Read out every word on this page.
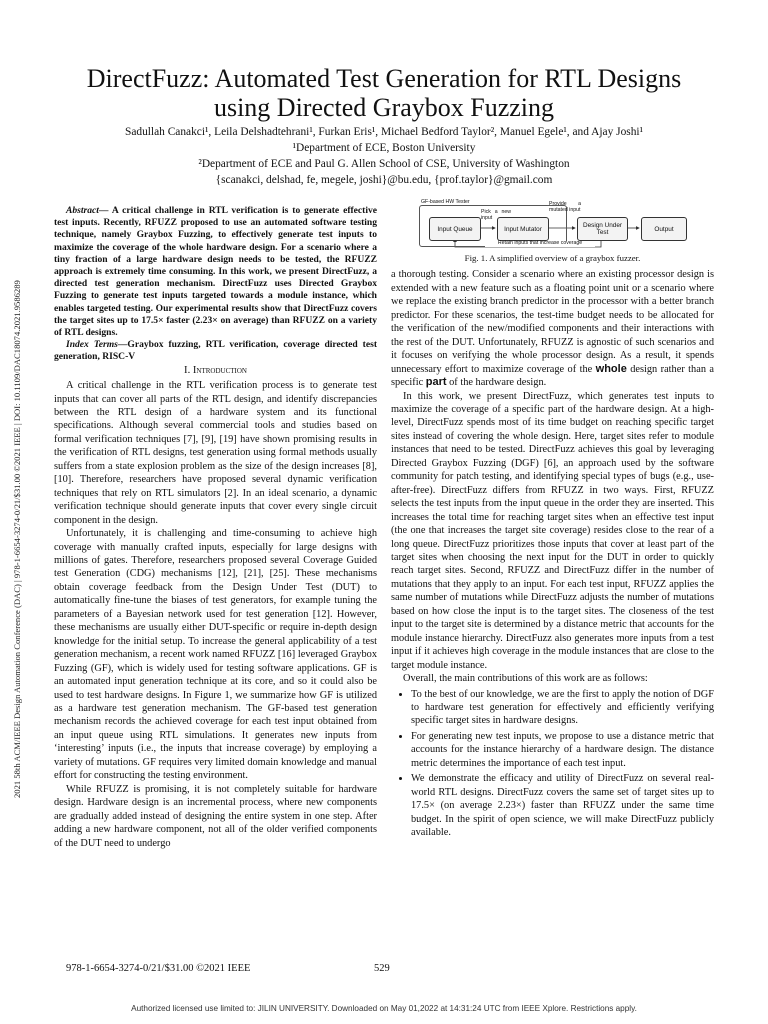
2021 58th ACM/IEEE Design Automation Conference (DAC) | 978-1-6654-3274-0/21/$31.00 ©2021 IEEE | DOI: 10.1109/DAC18074.2021.9586289
DirectFuzz: Automated Test Generation for RTL Designs using Directed Graybox Fuzzing
Sadullah Canakci¹, Leila Delshadtehrani¹, Furkan Eris¹, Michael Bedford Taylor², Manuel Egele¹, and Ajay Joshi¹
¹Department of ECE, Boston University
²Department of ECE and Paul G. Allen School of CSE, University of Washington
{scanakci, delshad, fe, megele, joshi}@bu.edu, {prof.taylor}@gmail.com

Abstract— A critical challenge in RTL verification is to generate effective test inputs. Recently, RFUZZ proposed to use an automated software testing technique, namely Graybox Fuzzing, to effectively generate test inputs to maximize the coverage of the whole hardware design. For a scenario where a tiny fraction of a large hardware design needs to be tested, the RFUZZ approach is extremely time consuming. In this work, we present DirectFuzz, a directed test generation mechanism. DirectFuzz uses Directed Graybox Fuzzing to generate test inputs targeted towards a module instance, which enables targeted testing. Our experimental results show that DirectFuzz covers the target sites up to 17.5× faster (2.23× on average) than RFUZZ on a variety of RTL designs.

Index Terms—Graybox fuzzing, RTL verification, coverage directed test generation, RISC-V

I. Introduction

A critical challenge in the RTL verification process is to generate test inputs that can cover all parts of the RTL design, and identify discrepancies between the RTL design of a hardware system and its functional specifications. Although several commercial tools and studies based on formal verification techniques [7], [9], [19] have shown promising results in the verification of RTL designs, test generation using formal methods usually suffers from a state explosion problem as the size of the design increases [8], [10]. Therefore, researchers have proposed several dynamic verification techniques that rely on RTL simulators [2]. In an ideal scenario, a dynamic verification technique should generate inputs that cover every single circuit component in the design.

Unfortunately, it is challenging and time-consuming to achieve high coverage with manually crafted inputs, especially for large designs with millions of gates. Therefore, researchers proposed several Coverage Guided test Generation (CDG) mechanisms [12], [21], [25]. These mechanisms obtain coverage feedback from the Design Under Test (DUT) to automatically fine-tune the biases of test generators, for example tuning the parameters of a Bayesian network used for test generation [12]. However, these mechanisms are usually either DUT-specific or require in-depth design knowledge for the initial setup. To increase the general applicability of a test generation mechanism, a recent work named RFUZZ [16] leveraged Graybox Fuzzing (GF), which is widely used for testing software applications. GF is an automated input generation technique at its core, and so it could also be used to test hardware designs. In Figure 1, we summarize how GF is utilized as a hardware test generation mechanism. The GF-based test generation mechanism records the achieved coverage for each test input obtained from an input queue using RTL simulations. It generates new inputs from ‘interesting’ inputs (i.e., the inputs that increase coverage) by employing a variety of mutations. GF requires very limited domain knowledge and manual effort for constructing the testing environment.

While RFUZZ is promising, it is not completely suitable for hardware design. Hardware design is an incremental process, where new components are gradually added instead of designing the entire system in one step. After adding a new hardware component, not all of the older verified components of the DUT need to undergo

GF-based HW Tester
Input Queue
Pick a new input
Input Mutator
Provide a mutated input
Design Under Test	Output
Retain inputs that increase coverage
Fig. 1. A simplified overview of a graybox fuzzer.

a thorough testing. Consider a scenario where an existing processor design is extended with a new feature such as a floating point unit or a scenario where we replace the existing branch predictor in the processor with a better branch predictor. For these scenarios, the test-time budget needs to be allocated for the verification of the new/modified components and their interactions with the rest of the DUT. Unfortunately, RFUZZ is agnostic of such scenarios and it focuses on verifying the whole processor design. As a result, it spends unnecessary effort to maximize coverage of the whole design rather than a specific part of the hardware design.

In this work, we present DirectFuzz, which generates test inputs to maximize the coverage of a specific part of the hardware design. At a high-level, DirectFuzz spends most of its time budget on reaching specific target sites instead of covering the whole design. Here, target sites refer to module instances that need to be tested. DirectFuzz achieves this goal by leveraging Directed Graybox Fuzzing (DGF) [6], an approach used by the software community for patch testing, and identifying special types of bugs (e.g., use-after-free). DirectFuzz differs from RFUZZ in two ways. First, RFUZZ selects the test inputs from the input queue in the order they are inserted. This increases the total time for reaching target sites when an effective test input (the one that increases the target site coverage) resides close to the rear of a long queue. DirectFuzz prioritizes those inputs that cover at least part of the target sites when choosing the next input for the DUT in order to quickly reach target sites. Second, RFUZZ and DirectFuzz differ in the number of mutations that they apply to an input. For each test input, RFUZZ applies the same number of mutations while DirectFuzz adjusts the number of mutations based on how close the input is to the target sites. The closeness of the test input to the target site is determined by a distance metric that accounts for the module instance hierarchy. DirectFuzz also generates more inputs from a test input if it achieves high coverage in the module instances that are close to the target module instance.

Overall, the main contributions of this work are as follows:

• To the best of our knowledge, we are the first to apply the notion of DGF to hardware test generation for effectively and efficiently verifying specific target sites in hardware designs.
• For generating new test inputs, we propose to use a distance metric that accounts for the instance hierarchy of a hardware design. The distance metric determines the importance of each test input.
• We demonstrate the efficacy and utility of DirectFuzz on several real-world RTL designs. DirectFuzz covers the same set of target sites up to 17.5× (on average 2.23×) faster than RFUZZ under the same time budget. In the spirit of open science, we will make DirectFuzz publicly available.
978-1-6654-3274-0/21/$31.00 ©2021 IEEE	529
Authorized licensed use limited to: JILIN UNIVERSITY. Downloaded on May 01,2022 at 14:31:24 UTC from IEEE Xplore. Restrictions apply.
